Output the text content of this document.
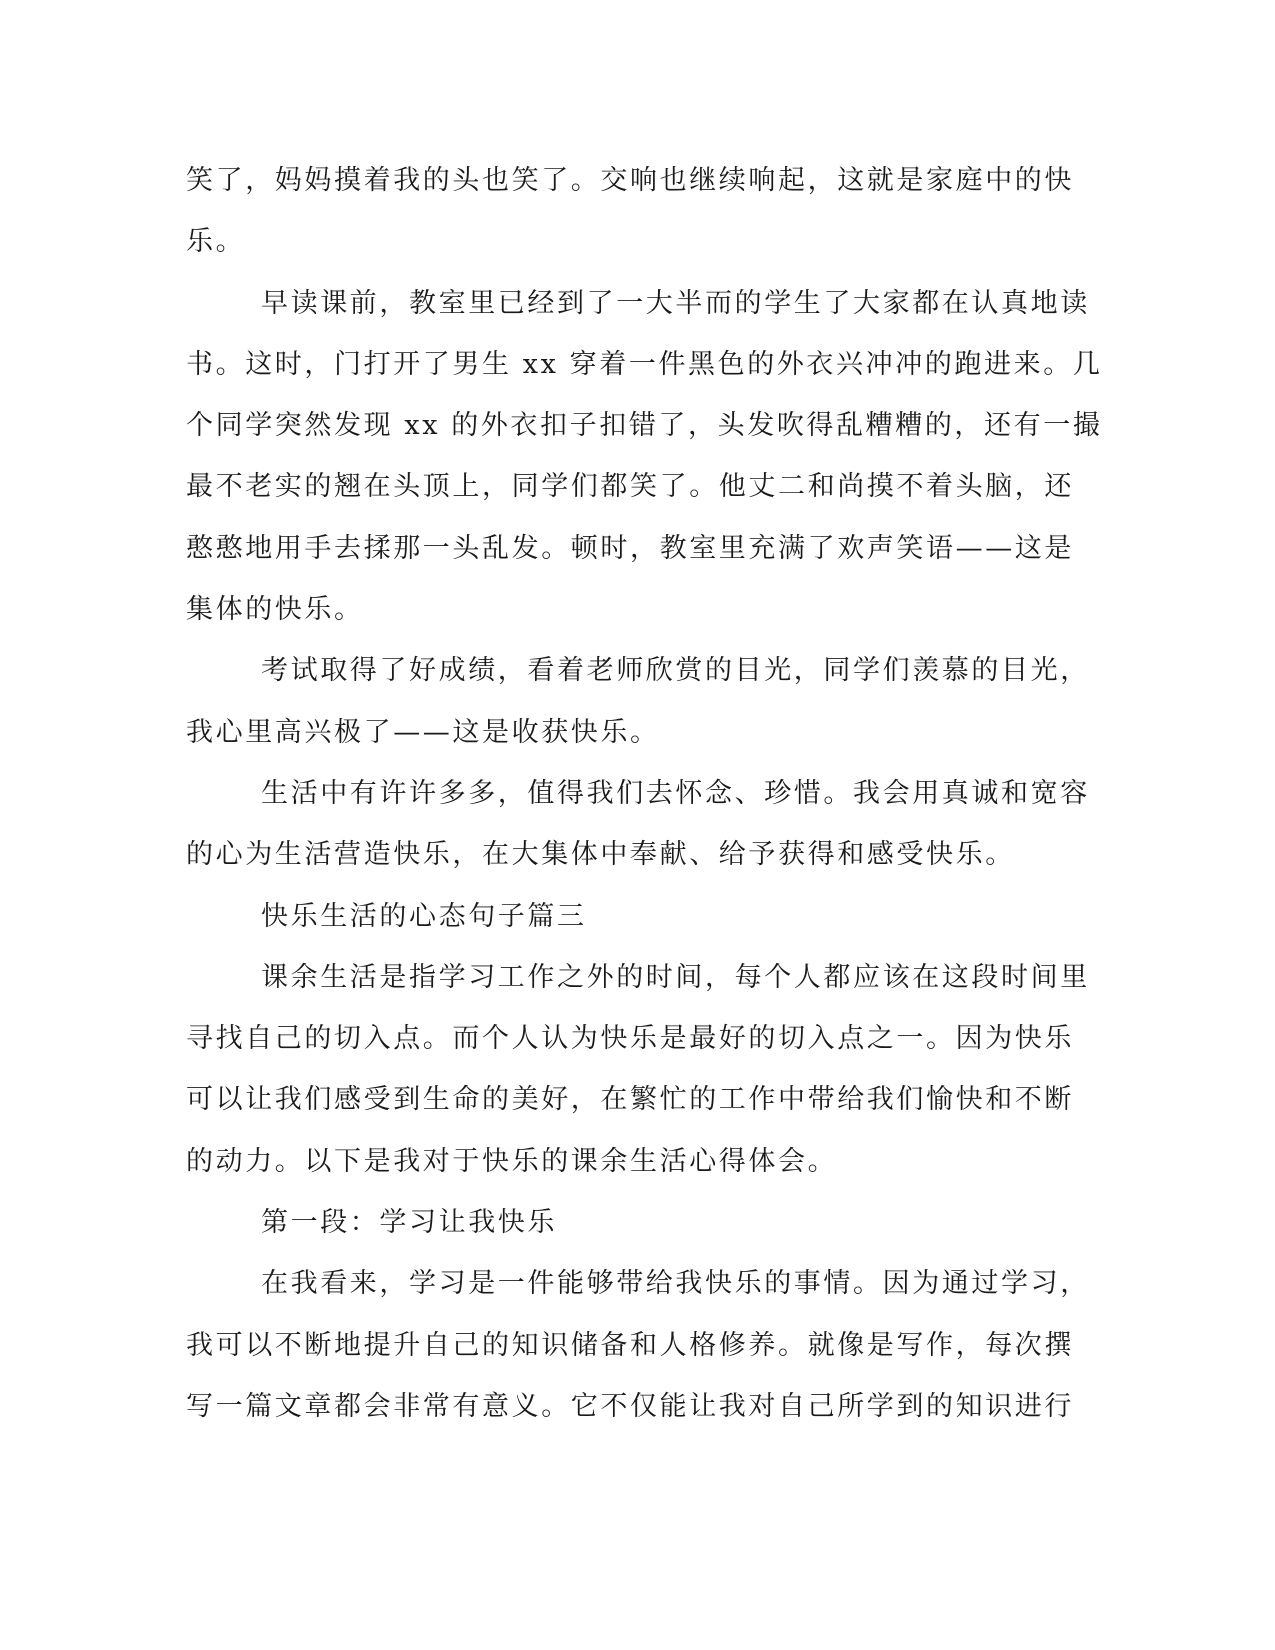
笑了，妈妈摸着我的头也笑了。交响也继续响起，这就是家庭中的快
乐。

早读课前，教室里已经到了一大半而的学生了大家都在认真地读
书。这时，门打开了男生 xx 穿着一件黑色的外衣兴冲冲的跑进来。几
个同学突然发现 xx 的外衣扣子扣错了，头发吹得乱糟糟的，还有一撮
最不老实的翘在头顶上，同学们都笑了。他丈二和尚摸不着头脑，还
憨憨地用手去揉那一头乱发。顿时，教室里充满了欢声笑语——这是
集体的快乐。

考试取得了好成绩，看着老师欣赏的目光，同学们羡慕的目光，
我心里高兴极了——这是收获快乐。

生活中有许许多多，值得我们去怀念、珍惜。我会用真诚和宽容
的心为生活营造快乐，在大集体中奉献、给予获得和感受快乐。

快乐生活的心态句子篇三

课余生活是指学习工作之外的时间，每个人都应该在这段时间里
寻找自己的切入点。而个人认为快乐是最好的切入点之一。因为快乐
可以让我们感受到生命的美好，在繁忙的工作中带给我们愉快和不断
的动力。以下是我对于快乐的课余生活心得体会。

第一段：学习让我快乐

在我看来，学习是一件能够带给我快乐的事情。因为通过学习，
我可以不断地提升自己的知识储备和人格修养。就像是写作，每次撰
写一篇文章都会非常有意义。它不仅能让我对自己所学到的知识进行
